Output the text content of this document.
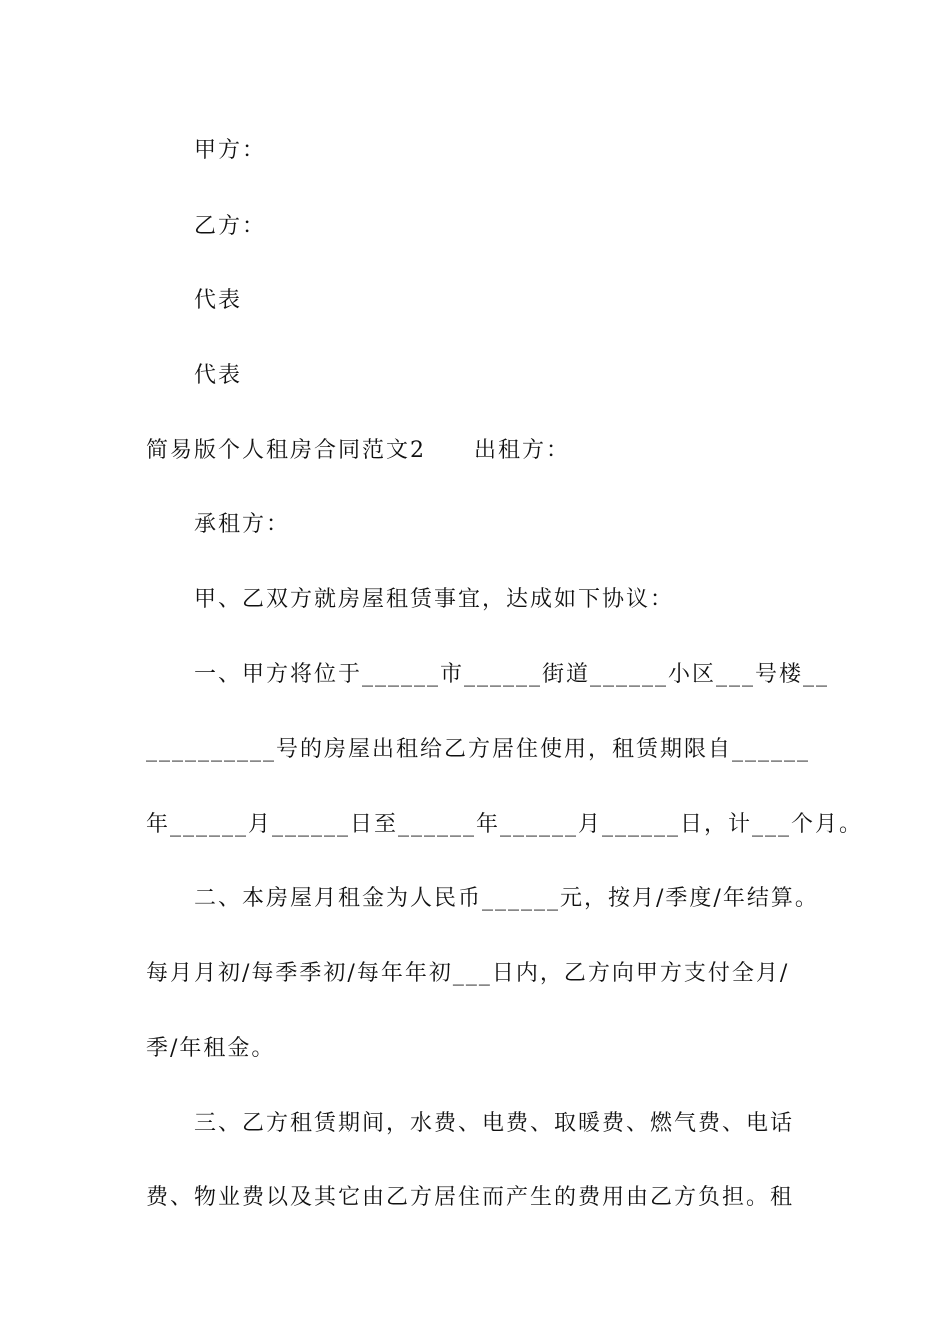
甲方：
乙方：
代表
代表
简易版个人租房合同范文2　　出租方：
承租方：
甲、乙双方就房屋租赁事宜，达成如下协议：
一、甲方将位于______市______街道______小区___号楼__
__________号的房屋出租给乙方居住使用，租赁期限自______
年______月______日至______年______月______日，计___个月。
二、本房屋月租金为人民币______元，按月/季度/年结算。
每月月初/每季季初/每年年初___日内，乙方向甲方支付全月/
季/年租金。
三、乙方租赁期间，水费、电费、取暖费、燃气费、电话
费、物业费以及其它由乙方居住而产生的费用由乙方负担。租
